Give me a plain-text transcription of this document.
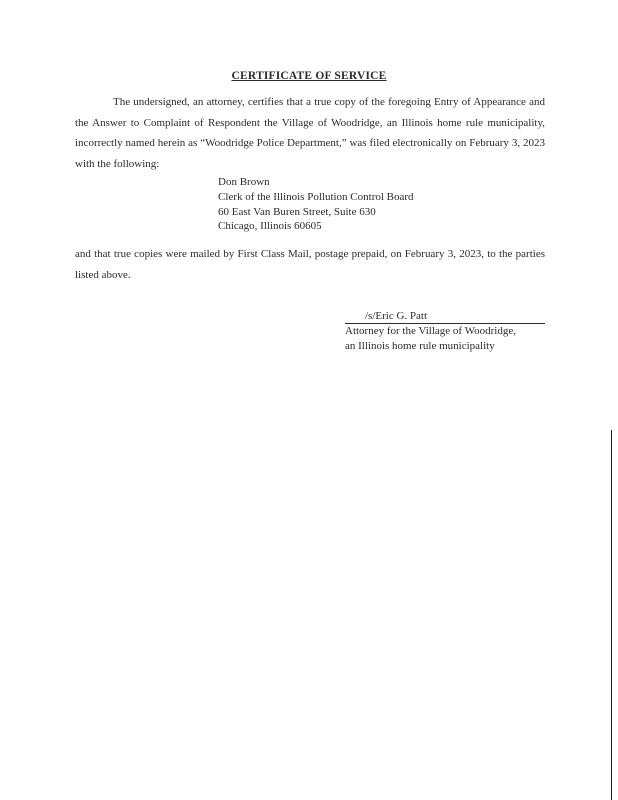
CERTIFICATE OF SERVICE
The undersigned, an attorney, certifies that a true copy of the foregoing Entry of Appearance and the Answer to Complaint of Respondent the Village of Woodridge, an Illinois home rule municipality, incorrectly named herein as “Woodridge Police Department,” was filed electronically on February 3, 2023 with the following:
Don Brown
Clerk of the Illinois Pollution Control Board
60 East Van Buren Street, Suite 630
Chicago, Illinois 60605
and that true copies were mailed by First Class Mail, postage prepaid, on February 3, 2023, to the parties listed above.
/s/Eric G. Patt
Attorney for the Village of Woodridge,
an Illinois home rule municipality
